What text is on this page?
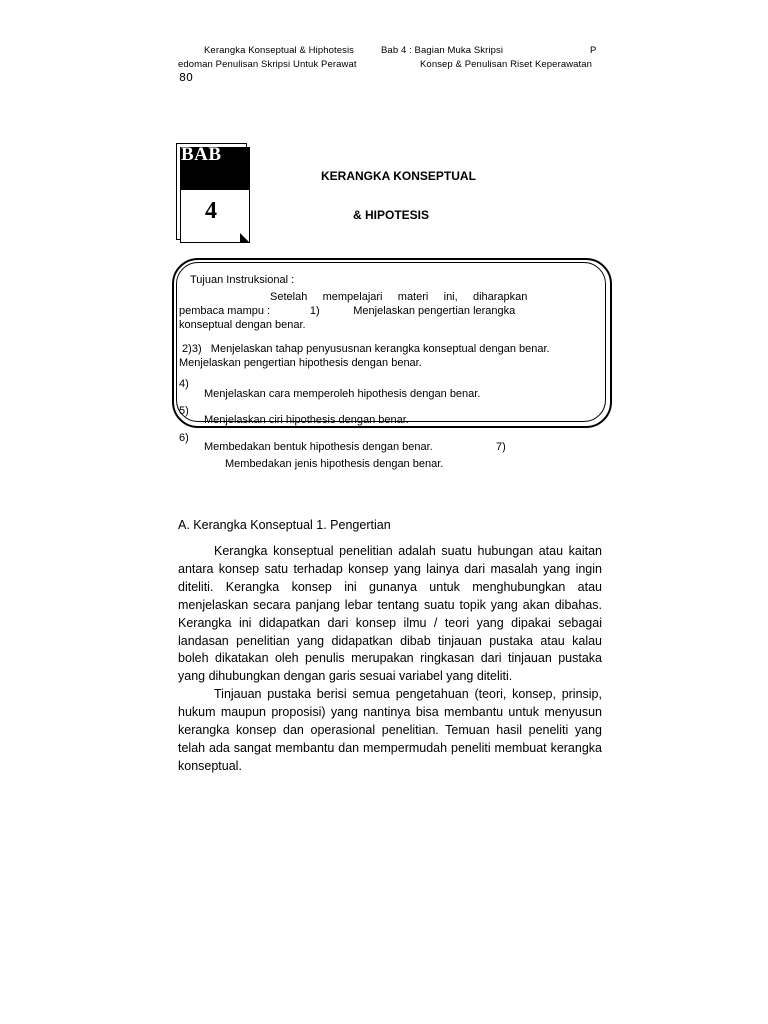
Kerangka Konseptual & Hiphotesis	Bab 4 : Bagian Muka Skripsi	P
edoman Penulisan Skripsi Untuk Perawat	Konsep & Penulisan Riset Keperawatan
80
BAB
4
KERANGKA KONSEPTUAL
& HIPOTESIS
Tujuan Instruksional :
Setelah     mempelajari     materi     ini,     diharapkan
pembaca mampu :             1)           Menjelaskan pengertian lerangka
konseptual dengan benar.
2)3)   Menjelaskan tahap penyususnan kerangka konseptual dengan benar.
Menjelaskan pengertian hipothesis dengan benar.
4)
Menjelaskan cara memperoleh hipothesis dengan benar.
5)
Menjelaskan ciri hipothesis dengan benar.
6)
Membedakan bentuk hipothesis dengan benar.	7)
Membedakan jenis hipothesis dengan benar.
A. Kerangka Konseptual 1. Pengertian

Kerangka konseptual penelitian adalah suatu hubungan atau kaitan antara konsep satu terhadap konsep yang lainya dari masalah yang ingin diteliti. Kerangka konsep ini gunanya untuk menghubungkan atau menjelaskan secara panjang lebar tentang suatu topik yang akan dibahas. Kerangka ini didapatkan dari konsep ilmu / teori yang dipakai sebagai landasan penelitian yang didapatkan dibab tinjauan pustaka atau kalau boleh dikatakan oleh penulis merupakan ringkasan dari tinjauan pustaka yang dihubungkan dengan garis sesuai variabel yang diteliti.

Tinjauan pustaka berisi semua pengetahuan (teori, konsep, prinsip, hukum maupun proposisi) yang nantinya bisa membantu untuk menyusun kerangka konsep dan operasional penelitian. Temuan hasil peneliti yang telah ada sangat membantu dan mempermudah peneliti membuat kerangka konseptual.
